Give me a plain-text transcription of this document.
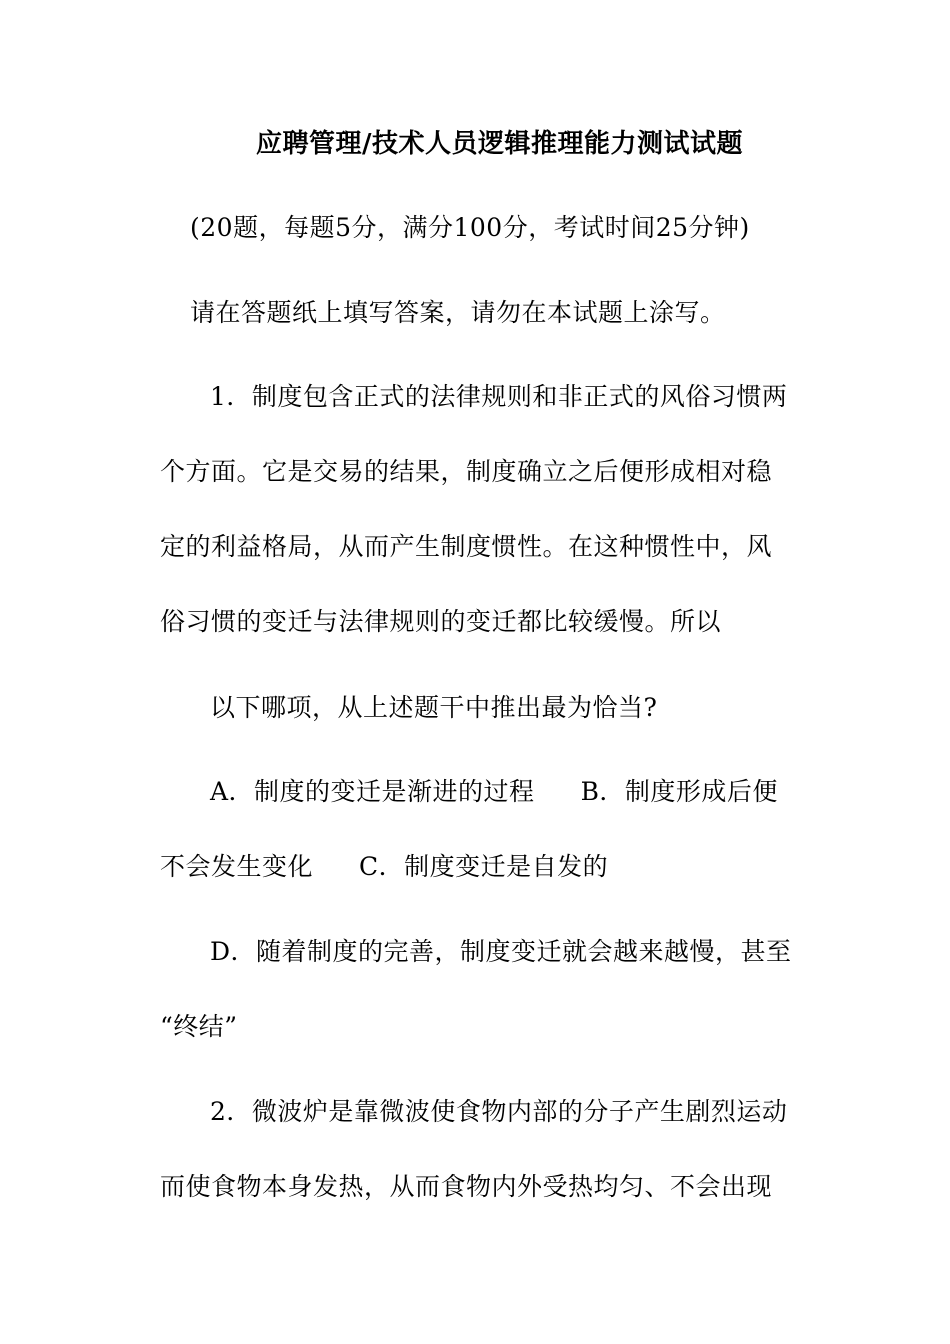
应聘管理/技术人员逻辑推理能力测试试题
(20题，每题5分，满分100分，考试时间25分钟)
请在答题纸上填写答案，请勿在本试题上涂写。
1．制度包含正式的法律规则和非正式的风俗习惯两
个方面。它是交易的结果，制度确立之后便形成相对稳
定的利益格局，从而产生制度惯性。在这种惯性中，风
俗习惯的变迁与法律规则的变迁都比较缓慢。所以
以下哪项，从上述题干中推出最为恰当?
A．制度的变迁是渐进的过程 B．制度形成后便
不会发生变化 C．制度变迁是自发的
D．随着制度的完善，制度变迁就会越来越慢，甚至
“终结”
2．微波炉是靠微波使食物内部的分子产生剧烈运动
而使食物本身发热，从而食物内外受热均匀、不会出现
